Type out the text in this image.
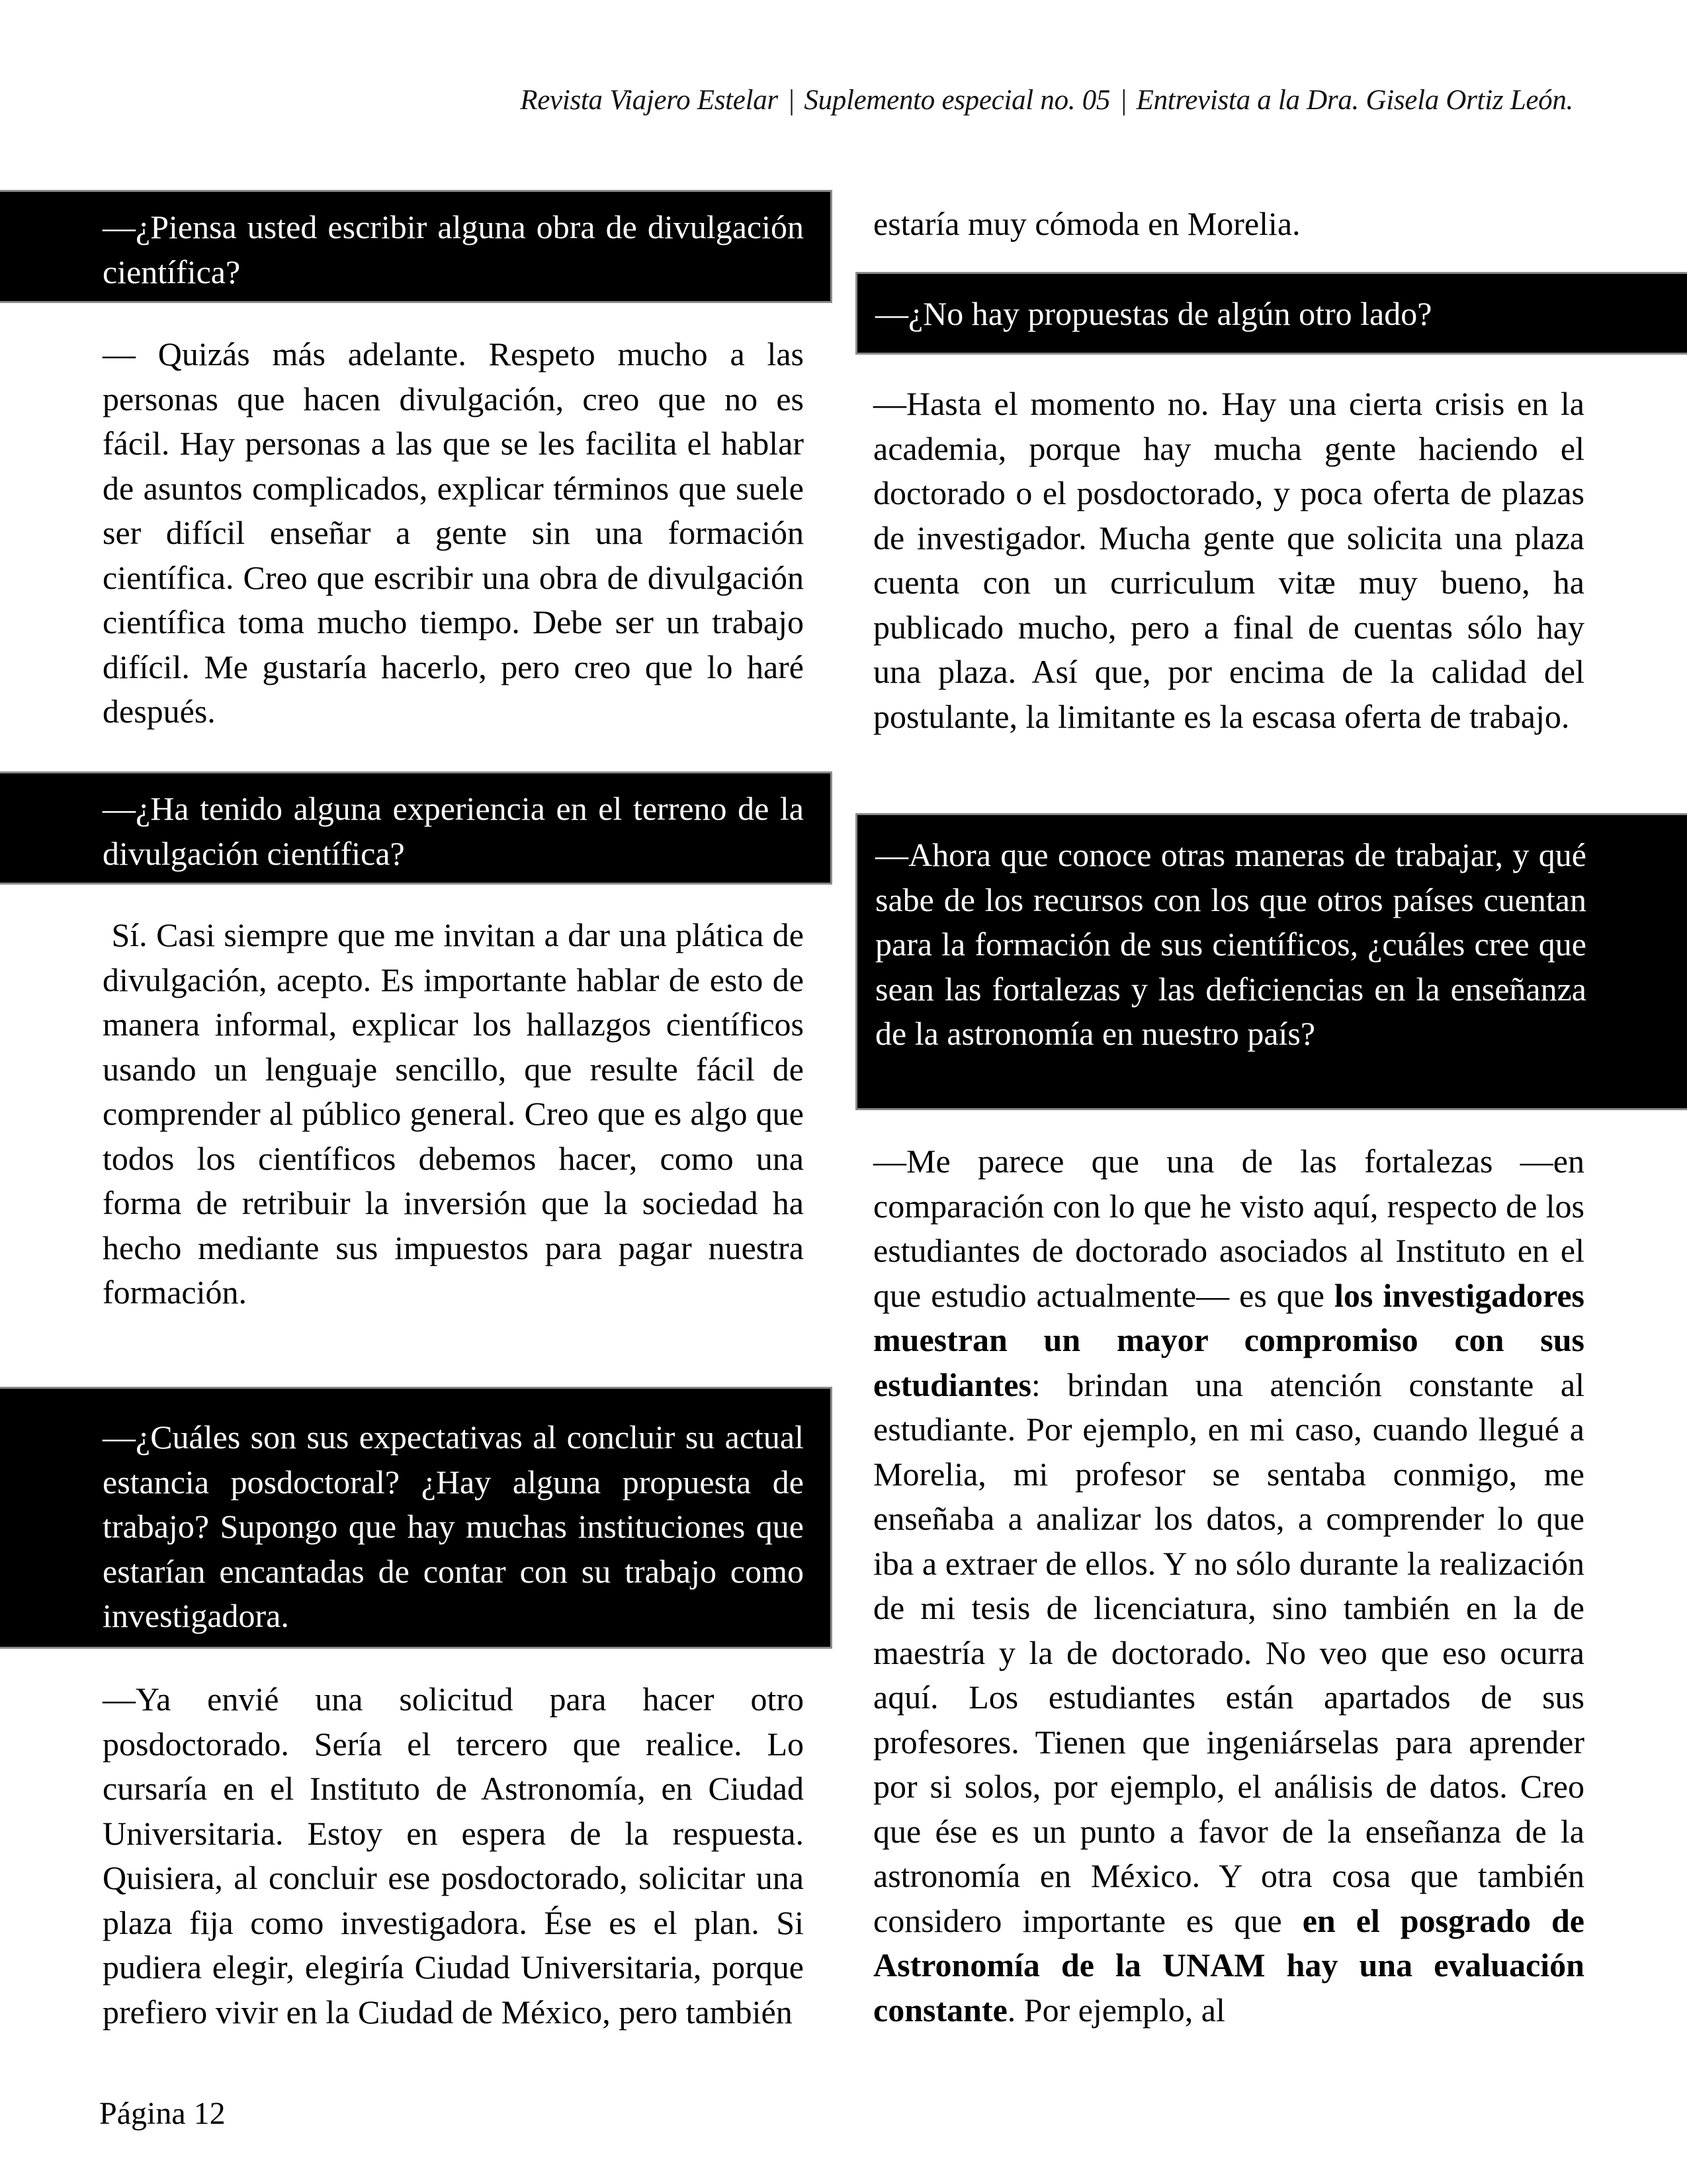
Revista Viajero Estelar | Suplemento especial no. 05 | Entrevista a la Dra. Gisela Ortiz León.
—¿Piensa usted escribir alguna obra de divulgación científica?
— Quizás más adelante. Respeto mucho a las personas que hacen divulgación, creo que no es fácil. Hay personas a las que se les facilita el hablar de asuntos complicados, explicar términos que suele ser difícil enseñar a gente sin una formación científica. Creo que escribir una obra de divulgación científica toma mucho tiempo. Debe ser un trabajo difícil. Me gustaría hacerlo, pero creo que lo haré después.
—¿Ha tenido alguna experiencia en el terreno de la divulgación científica?
Sí. Casi siempre que me invitan a dar una plática de divulgación, acepto. Es importante hablar de esto de manera informal, explicar los hallazgos científicos usando un lenguaje sencillo, que resulte fácil de comprender al público general. Creo que es algo que todos los científicos debemos hacer, como una forma de retribuir la inversión que la sociedad ha hecho mediante sus impuestos para pagar nuestra formación.
—¿Cuáles son sus expectativas al concluir su actual estancia posdoctoral? ¿Hay alguna propuesta de trabajo? Supongo que hay muchas instituciones que estarían encantadas de contar con su trabajo como investigadora.
—Ya envié una solicitud para hacer otro posdoctorado. Sería el tercero que realice. Lo cursaría en el Instituto de Astronomía, en Ciudad Universitaria. Estoy en espera de la respuesta. Quisiera, al concluir ese posdoctorado, solicitar una plaza fija como investigadora. Ése es el plan. Si pudiera elegir, elegiría Ciudad Universitaria, porque prefiero vivir en la Ciudad de México, pero también
Página 12
estaría muy cómoda en Morelia.
—¿No hay propuestas de algún otro lado?
—Hasta el momento no. Hay una cierta crisis en la academia, porque hay mucha gente haciendo el doctorado o el posdoctorado, y poca oferta de plazas de investigador. Mucha gente que solicita una plaza cuenta con un curriculum vitæ muy bueno, ha publicado mucho, pero a final de cuentas sólo hay una plaza. Así que, por encima de la calidad del postulante, la limitante es la escasa oferta de trabajo.
—Ahora que conoce otras maneras de trabajar, y qué sabe de los recursos con los que otros países cuentan para la formación de sus científicos, ¿cuáles cree que sean las fortalezas y las deficiencias en la enseñanza de la astronomía en nuestro país?
—Me parece que una de las fortalezas —en comparación con lo que he visto aquí, respecto de los estudiantes de doctorado asociados al Instituto en el que estudio actualmente— es que los investigadores muestran un mayor compromiso con sus estudiantes: brindan una atención constante al estudiante. Por ejemplo, en mi caso, cuando llegué a Morelia, mi profesor se sentaba conmigo, me enseñaba a analizar los datos, a comprender lo que iba a extraer de ellos. Y no sólo durante la realización de mi tesis de licenciatura, sino también en la de maestría y la de doctorado. No veo que eso ocurra aquí. Los estudiantes están apartados de sus profesores. Tienen que ingeniárselas para aprender por si solos, por ejemplo, el análisis de datos. Creo que ése es un punto a favor de la enseñanza de la astronomía en México. Y otra cosa que también considero importante es que en el posgrado de Astronomía de la UNAM hay una evaluación constante. Por ejemplo, al
